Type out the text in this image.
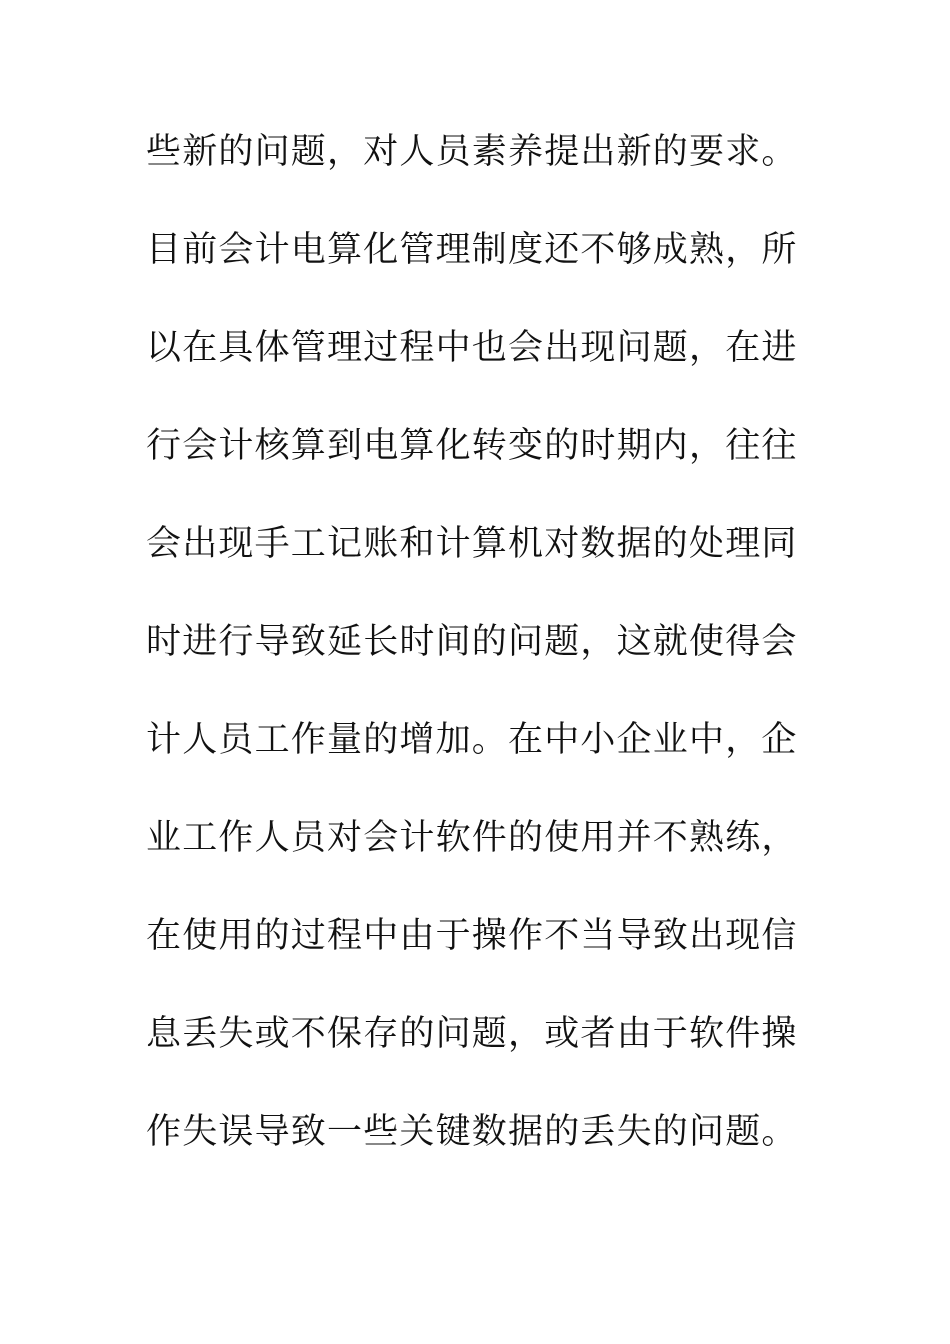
些新的问题，对人员素养提出新的要求。
目前会计电算化管理制度还不够成熟，所
以在具体管理过程中也会出现问题，在进
行会计核算到电算化转变的时期内，往往
会出现手工记账和计算机对数据的处理同
时进行导致延长时间的问题，这就使得会
计人员工作量的增加。在中小企业中，企
业工作人员对会计软件的使用并不熟练，
在使用的过程中由于操作不当导致出现信
息丢失或不保存的问题，或者由于软件操
作失误导致一些关键数据的丢失的问题。
